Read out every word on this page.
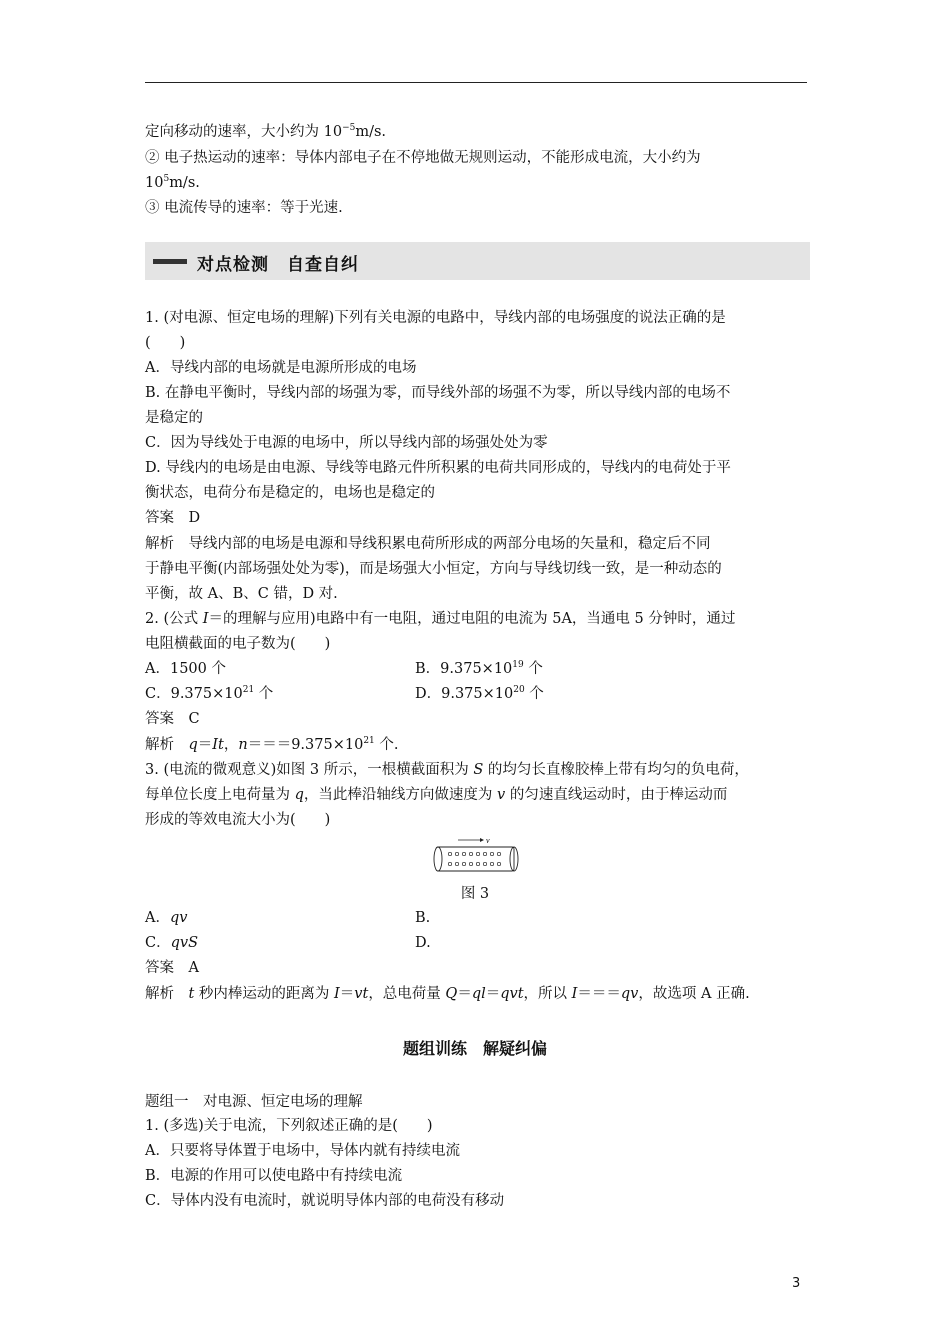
定向移动的速率，大小约为 $10^{-5}m/s$.
② 电子热运动的速率：导体内部电子在不停地做无规则运动，不能形成电流，大小约为
$10^5m/s$.
③ 电流传导的速率：等于光速.
对点检测　自查自纠
1. (对电源、恒定电场的理解)下列有关电源的电路中，导线内部的电场强度的说法正确的是
(　　)
A．导线内部的电场就是电源所形成的电场
B. 在静电平衡时，导线内部的场强为零，而导线外部的场强不为零，所以导线内部的电场不
是稳定的
C．因为导线处于电源的电场中，所以导线内部的场强处处为零
D. 导线内的电场是由电源、导线等电路元件所积累的电荷共同形成的，导线内的电荷处于平
衡状态，电荷分布是稳定的，电场也是稳定的
答案　D
解析　导线内部的电场是电源和导线积累电荷所形成的两部分电场的矢量和，稳定后不同
于静电平衡(内部场强处处为零)，而是场强大小恒定，方向与导线切线一致，是一种动态的
平衡，故 A、B、C 错，D 对.
2. (公式 I＝的理解与应用)电路中有一电阻，通过电阻的电流为 5A，当通电 5 分钟时，通过
电阻横截面的电子数为(　　)
A．1500 个	B．$9.375\times 10^{19}$ 个
C．$9.375\times 10^{21}$ 个	D．$9.375\times 10^{20}$ 个
答案　C
解析　q＝It，$n===9.375\times 10^{21}$ 个.
3. (电流的微观意义)如图 3 所示，一根横截面积为 S 的均匀长直橡胶棒上带有均匀的负电荷，
每单位长度上电荷量为 q，当此棒沿轴线方向做速度为 v 的匀速直线运动时，由于棒运动而
形成的等效电流大小为(　　)
v
图 3
A．qv	B.
C．qvS	D.
答案　A
解析　t 秒内棒运动的距离为 I＝vt，总电荷量 Q＝ql＝qvt，所以 I＝＝＝qv，故选项 A 正确.
题组训练　解疑纠偏
题组一　对电源、恒定电场的理解
1. (多选)关于电流，下列叙述正确的是(　　)
A．只要将导体置于电场中，导体内就有持续电流
B．电源的作用可以使电路中有持续电流
C．导体内没有电流时，就说明导体内部的电荷没有移动
3
